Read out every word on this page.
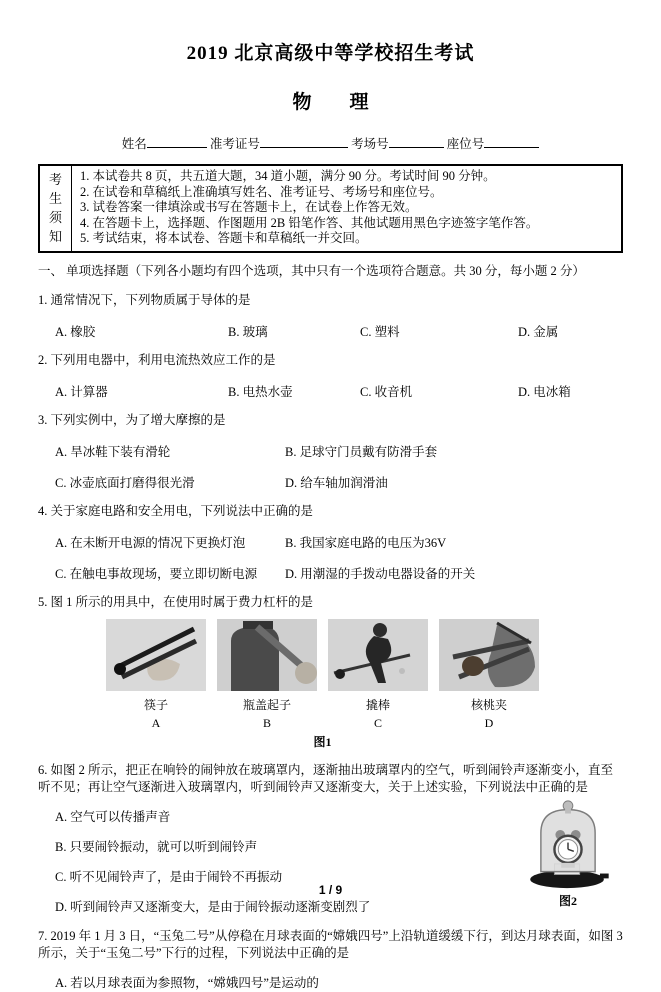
2019 北京高级中等学校招生考试
物　　理
姓名	准考证号	考场号	座位号
考生须知
1. 本试卷共 8 页，共五道大题，34 道小题，满分 90 分。考试时间 90 分钟。
2. 在试卷和草稿纸上准确填写姓名、准考证号、考场号和座位号。
3. 试卷答案一律填涂或书写在答题卡上，在试卷上作答无效。
4. 在答题卡上，选择题、作图题用 2B 铅笔作答、其他试题用黑色字迹签字笔作答。
5. 考试结束，将本试卷、答题卡和草稿纸一并交回。
一、 单项选择题（下列各小题均有四个选项，其中只有一个选项符合题意。共 30 分，每小题 2 分）
1. 通常情况下，下列物质属于导体的是
A. 橡胶	B. 玻璃	C. 塑料	D. 金属
2. 下列用电器中，利用电流热效应工作的是
A. 计算器	B. 电热水壶	C. 收音机	D. 电冰箱
3. 下列实例中，为了增大摩擦的是
A. 旱冰鞋下装有滑轮	B. 足球守门员戴有防滑手套
C. 冰壶底面打磨得很光滑	D. 给车轴加润滑油
4. 关于家庭电路和安全用电，下列说法中正确的是
A. 在未断开电源的情况下更换灯泡	B. 我国家庭电路的电压为36V
C. 在触电事故现场，要立即切断电源	D. 用潮湿的手拨动电器设备的开关
5. 图 1 所示的用具中，在使用时属于费力杠杆的是
筷子
A
瓶盖起子
B
撬棒
C
核桃夹
D
图1
6. 如图 2 所示，把正在响铃的闹钟放在玻璃罩内，逐渐抽出玻璃罩内的空气，听到闹铃声逐渐变小，直至听不见；再让空气逐渐进入玻璃罩内，听到闹铃声又逐渐变大，关于上述实验，下列说法中正确的是
A. 空气可以传播声音
B. 只要闹铃振动，就可以听到闹铃声
C. 听不见闹铃声了，是由于闹铃不再振动
D. 听到闹铃声又逐渐变大，是由于闹铃振动逐渐变剧烈了	图2
7. 2019 年 1 月 3 日，“玉兔二号”从停稳在月球表面的“嫦娥四号”上沿轨道缓缓下行，到达月球表面，如图 3 所示，关于“玉兔二号”下行的过程，下列说法中正确的是
A. 若以月球表面为参照物，“嫦娥四号”是运动的
1 / 9
